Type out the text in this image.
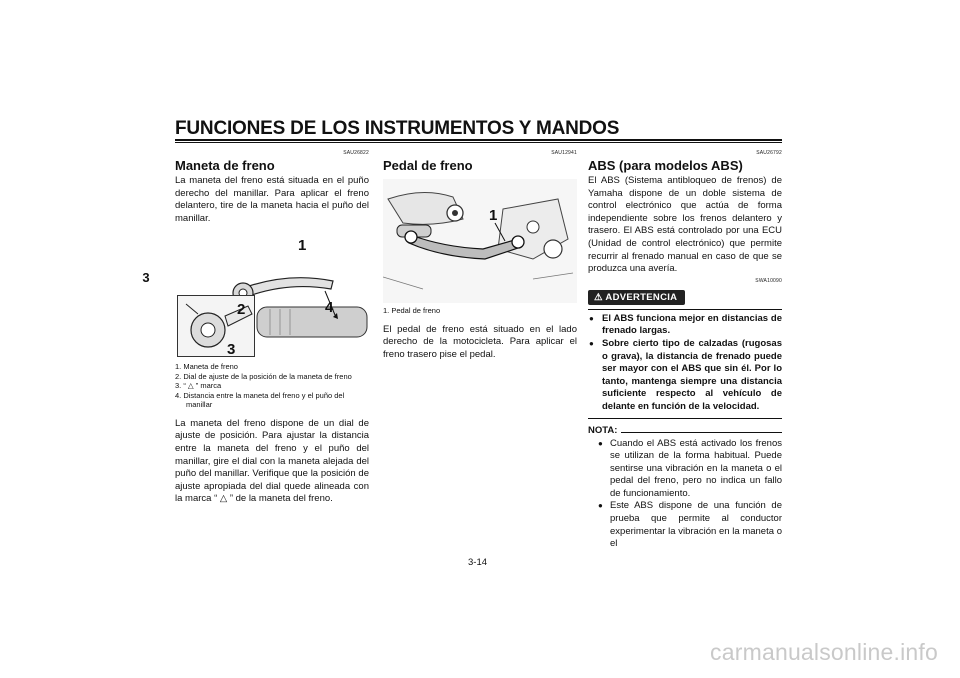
FUNCIONES DE LOS INSTRUMENTOS Y MANDOS
3
SAU26822
Maneta de freno

La maneta del freno está situada en el puño derecho del manillar. Para aplicar el freno delantero, tire de la maneta hacia el puño del manillar.

1
2
3
4
1. Maneta de freno
2. Dial de ajuste de la posición de la maneta de freno
3. “ △ ” marca
4. Distancia entre la maneta del freno y el puño del manillar

La maneta del freno dispone de un dial de ajuste de posición. Para ajustar la distancia entre la maneta del freno y el puño del manillar, gire el dial con la maneta alejada del puño del manillar. Verifique que la posición de ajuste apropiada del dial quede alineada con la marca “ △ ” de la maneta del freno.

SAU12941
Pedal de freno
1
1. Pedal de freno

El pedal de freno está situado en el lado derecho de la motocicleta. Para aplicar el freno trasero pise el pedal.

SAU26792
ABS (para modelos ABS)

El ABS (Sistema antibloqueo de frenos) de Yamaha dispone de un doble sistema de control electrónico que actúa de forma independiente sobre los frenos delantero y trasero. El ABS está controlado por una ECU (Unidad de control electrónico) que permite recurrir al frenado manual en caso de que se produzca una avería.

SWA10090
⚠ ADVERTENCIA
● El ABS funciona mejor en distancias de frenado largas.
● Sobre cierto tipo de calzadas (rugosas o grava), la distancia de frenado puede ser mayor con el ABS que sin él. Por lo tanto, mantenga siempre una distancia suficiente respecto al vehículo de delante en función de la velocidad.
NOTA:
● Cuando el ABS está activado los frenos se utilizan de la forma habitual. Puede sentirse una vibración en la maneta o el pedal del freno, pero no indica un fallo de funcionamiento.
● Este ABS dispone de una función de prueba que permite al conductor experimentar la vibración en la maneta o el
3-14
carmanualsonline.info
